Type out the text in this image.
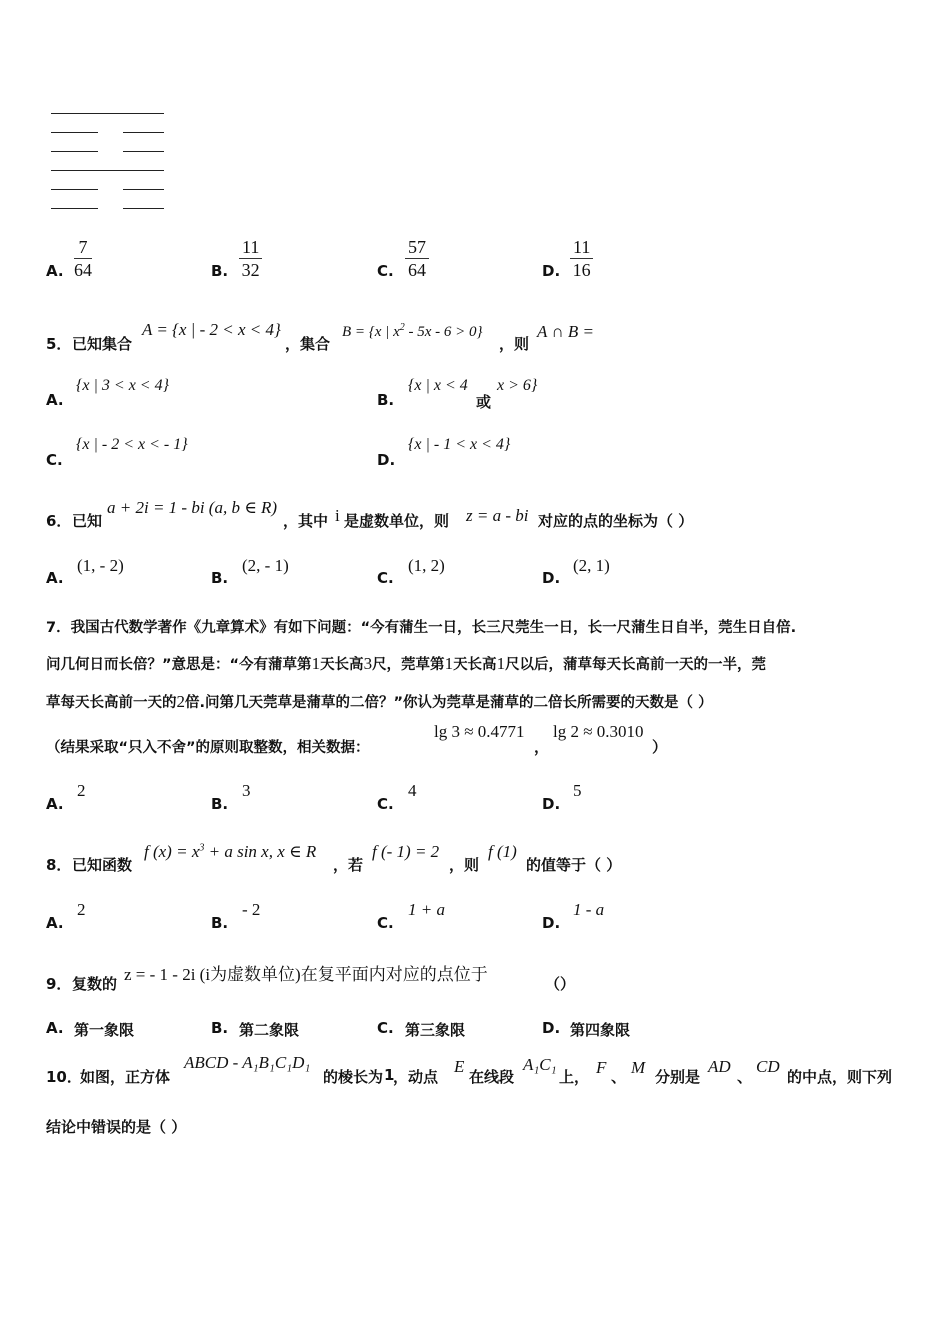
A.
7
64	B.
11
32	C.
57
64	D.
11
16
5． 已知集合
A = {x | - 2 < x < 4}
，集合
B = {x | $x^2 - 5x - 6 > 0$}
，则
A ∩ B =
A.
{x | 3 < x < 4}
B.
{x | x < 4
或
x > 6}
C.
{x | - 2 < x < - 1}
D.
{x | - 1 < x < 4}
6． 已知
a + 2i = 1 - bi (a, b ∈ R)
，其中 i 是虚数单位，则 z = a - bi 对应的点的坐标为（ ）
A.
(1, - 2)
B.
(2, - 1)
C.
(1, 2)
D.
(2, 1)
7．我国古代数学著作《九章算术》有如下问题：“今有蒲生一日，长三尺莞生一日，长一尺蒲生日自半，莞生日自倍.
问几何日而长倍？”意思是：“今有蒲草第1天长高3尺，莞草第1天长高1尺以后，蒲草每天长高前一天的一半，莞
草每天长高前一天的2倍.问第几天莞草是蒲草的二倍？”你认为莞草是蒲草的二倍长所需要的天数是（ ）
（结果采取“只入不舍”的原则取整数，相关数据：
lg 3 ≈ 0.4771
，
lg 2 ≈ 0.3010
）
A.
2
B.
3
C.
4
D.
5
8． 已知函数
f $(x) = x^3 + a$ sin x, x ∈ R
，若
f (- 1) = 2
，则
f (1)
的值等于（ ）
A.
2
B.
- 2
C.
1 + a
D.
1 - a
9． 复数的 z = - 1 - 2i (i为虚数单位)在复平面内对应的点位于	（）
A. 第一象限	B. 第二象限	C. 第三象限	D. 第四象限
10．
如图，正方体
ABCD - A₁B₁C₁D₁
的棱长为 1
，动点
E
在线段
A₁C₁
上， F 、 M 分别是
AD
、
CD
的中点，则下列
结论中错误的是（ ）
